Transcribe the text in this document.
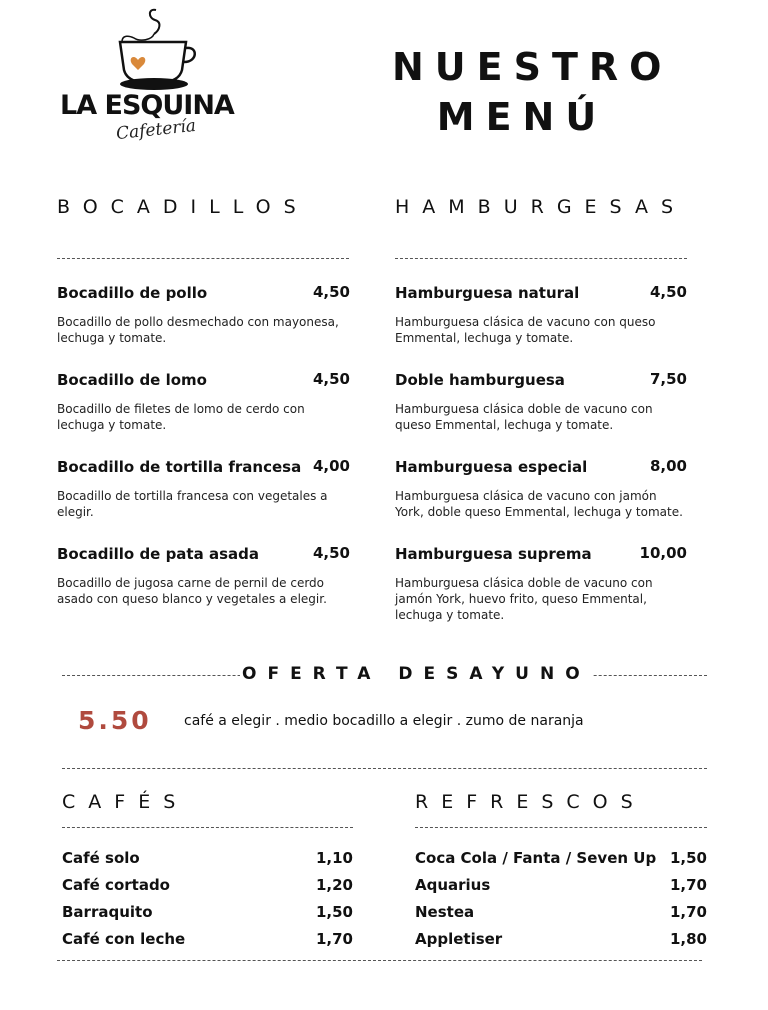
LA ESQUINA
Cafetería
NUESTRO
MENÚ
BOCADILLOS
Bocadillo de pollo	4,50
Bocadillo de pollo desmechado con mayonesa, lechuga y tomate.
Bocadillo de lomo	4,50
Bocadillo de filetes de lomo de cerdo con lechuga y tomate.
Bocadillo de tortilla francesa 4,00
Bocadillo de tortilla francesa con vegetales a elegir.
Bocadillo de pata asada	4,50
Bocadillo de jugosa carne de pernil de cerdo asado con queso blanco y vegetales a elegir.
HAMBURGESAS
Hamburguesa natural	4,50
Hamburguesa clásica de vacuno con queso Emmental, lechuga y tomate.
Doble hamburguesa	7,50
Hamburguesa clásica doble de vacuno con queso Emmental, lechuga y tomate.
Hamburguesa especial	8,00
Hamburguesa clásica de vacuno con jamón York, doble queso Emmental, lechuga y tomate.
Hamburguesa suprema	10,00
Hamburguesa clásica doble de vacuno con jamón York, huevo frito, queso Emmental, lechuga y tomate.
OFERTA DESAYUNO
5.50 café a elegir . medio bocadillo a elegir . zumo de naranja
CAFÉS
Café solo	1,10
Café cortado	1,20
Barraquito	1,50
Café con leche	1,70
REFRESCOS
Coca Cola / Fanta / Seven Up 1,50
Aquarius	1,70
Nestea	1,70
Appletiser	1,80
